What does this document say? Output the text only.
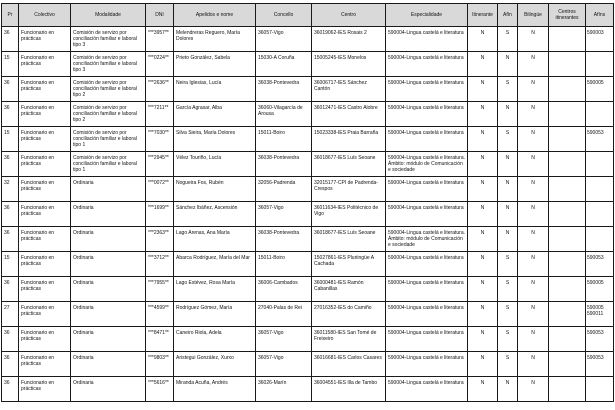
Pr	Colectivo	Modalidade	DNI	Apelidos e nome	Concello	Centro	Especialidade	Itinerante	Afín	Bilingüe	Centros itinerantes	Afíns
36	Funcionario en prácticas	Comisión de servizo por conciliación familiar e laboral tipo 3	***3957**	Melendreras Reguero, María Dolores	36057-Vigo	36019062-IES Rosais 2	590004-Lingua castelá e literatura	N	S	N		590003
15	Funcionario en prácticas	Comisión de servizo por conciliación familiar e laboral tipo 3	***0224**	Prieto González, Sabela	15030-A Coruña	15005245-IES Monelos	590004-Lingua castelá e literatura	N	N	N		
36	Funcionario en prácticas	Comisión de servizo por conciliación familiar e laboral tipo 2	***2636**	Neira Iglesias, Lucía	36038-Pontevedra	36006717-IES Sánchez Cantón	590004-Lingua castelá e literatura	N	S	N		590005
36	Funcionario en prácticas	Comisión de servizo por conciliación familiar e laboral tipo 2	***7211**	García Agrasar, Alba	36060-Vilagarcía de Arousa	36012471-IES Castro Alobre	590004-Lingua castelá e literatura	N	N	N		
15	Funcionario en prácticas	Comisión de servizo por conciliación familiar e laboral tipo 1	***7030**	Silva Sieira, María Dolores	15011-Boiro	15023338-IES Praia Barraña	590004-Lingua castelá e literatura	N	S	N		590053
36	Funcionario en prácticas	Comisión de servizo por conciliación familiar e laboral tipo 1	***2945**	Vélez Touriño, Lucía	36038-Pontevedra	36018677-IES Luís Seoane	590004-Lingua castelá e literatura. Ámbito: módulo de Comunicación e sociedade	N	N	N		
32	Funcionario en prácticas	Ordinaria	***0072**	Nogueira Fos, Rubén	32056-Padrenda	32015177-CPI de Padrenda-Crespos	590004-Lingua castelá e literatura	N	N	N		
36	Funcionario en prácticas	Ordinaria	***1699**	Sánchez Ibáñez, Ascensión	36057-Vigo	36011634-IES Politécnico de Vigo	590004-Lingua castelá e literatura	N	N	N		
36	Funcionario en prácticas	Ordinaria	***2363**	Lago Arenas, Ana María	36038-Pontevedra	36018677-IES Luís Seoane	590004-Lingua castelá e literatura. Ámbito: módulo de Comunicación e sociedade	N	N	N		
15	Funcionario en prácticas	Ordinaria	***3712**	Abarca Rodríguez, María del Mar	15011-Boiro	15027861-IES Pluriingüe A Cachada	590004-Lingua castelá e literatura	N	S	N		590053
36	Funcionario en prácticas	Ordinaria	***7955**	Lago Estévez, Rosa María	36006-Cambados	36000481-IES Ramón Cabanillas	590004-Lingua castelá e literatura	N	S	N		590005
27	Funcionario en prácticas	Ordinaria	***4599**	Rodríguez Gómez, María	27040-Palas de Rei	27016352-IES do Camiño	590004-Lingua castelá e literatura	N	S	N		590005 590011
36	Funcionario en prácticas	Ordinaria	***8471**	Caneiro Riola, Adela	36057-Vigo	36011580-IES San Tomé de Freixeiro	590004-Lingua castelá e literatura	N	S	N		590053
36	Funcionario en prácticas	Ordinaria	***9803**	Aristegui González, Xurxo	36057-Vigo	36016681-IES Carlos Casares	590004-Lingua castelá e literatura	N	S	N		590053
36	Funcionario en prácticas	Ordinaria	***5616**	Miranda Acuña, Andrés	36026-Marín	36004551-IES Illa de Tambo	590004-Lingua castelá e literatura	N	N	N		
